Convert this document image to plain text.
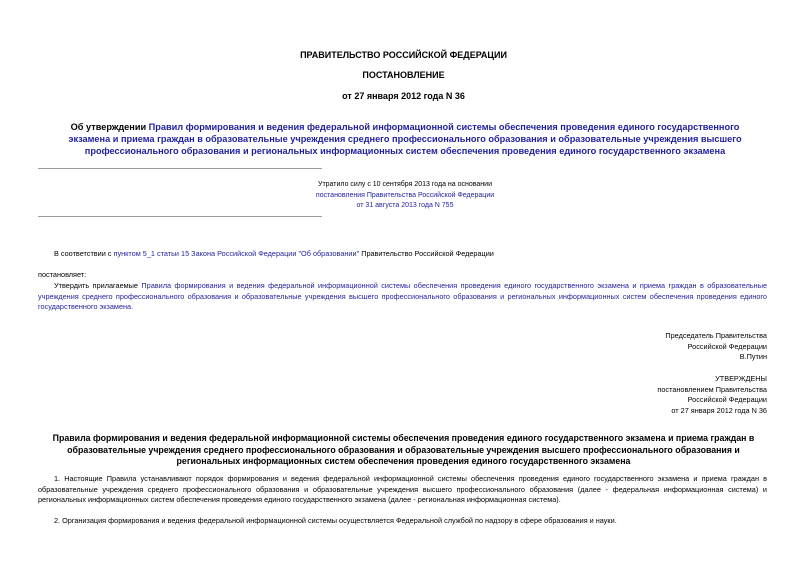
ПРАВИТЕЛЬСТВО РОССИЙСКОЙ ФЕДЕРАЦИИ
ПОСТАНОВЛЕНИЕ
от 27 января 2012 года N 36
Об утверждении Правил формирования и ведения федеральной информационной системы обеспечения проведения единого государственного экзамена и приема граждан в образовательные учреждения среднего профессионального образования и образовательные учреждения высшего профессионального образования и региональных информационных систем обеспечения проведения единого государственного экзамена
Утратило силу с 10 сентября 2013 года на основании
постановления Правительства Российской Федерации
от 31 августа 2013 года N 755
В соответствии с пунктом 5_1 статьи 15 Закона Российской Федерации "Об образовании" Правительство Российской Федерации
постановляет:
Утвердить прилагаемые Правила формирования и ведения федеральной информационной системы обеспечения проведения единого государственного экзамена и приема граждан в образовательные учреждения среднего профессионального образования и образовательные учреждения высшего профессионального образования и региональных информационных систем обеспечения проведения единого государственного экзамена.
Председатель Правительства
Российской Федерации
В.Путин
УТВЕРЖДЕНЫ
постановлением Правительства
Российской Федерации
от 27 января 2012 года N 36
Правила формирования и ведения федеральной информационной системы обеспечения проведения единого государственного экзамена и приема граждан в образовательные учреждения среднего профессионального образования и образовательные учреждения высшего профессионального образования и региональных информационных систем обеспечения проведения единого государственного экзамена
1. Настоящие Правила устанавливают порядок формирования и ведения федеральной информационной системы обеспечения проведения единого государственного экзамена и приема граждан в образовательные учреждения среднего профессионального образования и образовательные учреждения высшего профессионального образования (далее - федеральная информационная система) и региональных информационных систем обеспечения проведения единого государственного экзамена (далее - региональная информационная система).
2. Организация формирования и ведения федеральной информационной системы осуществляется Федеральной службой по надзору в сфере образования и науки.
